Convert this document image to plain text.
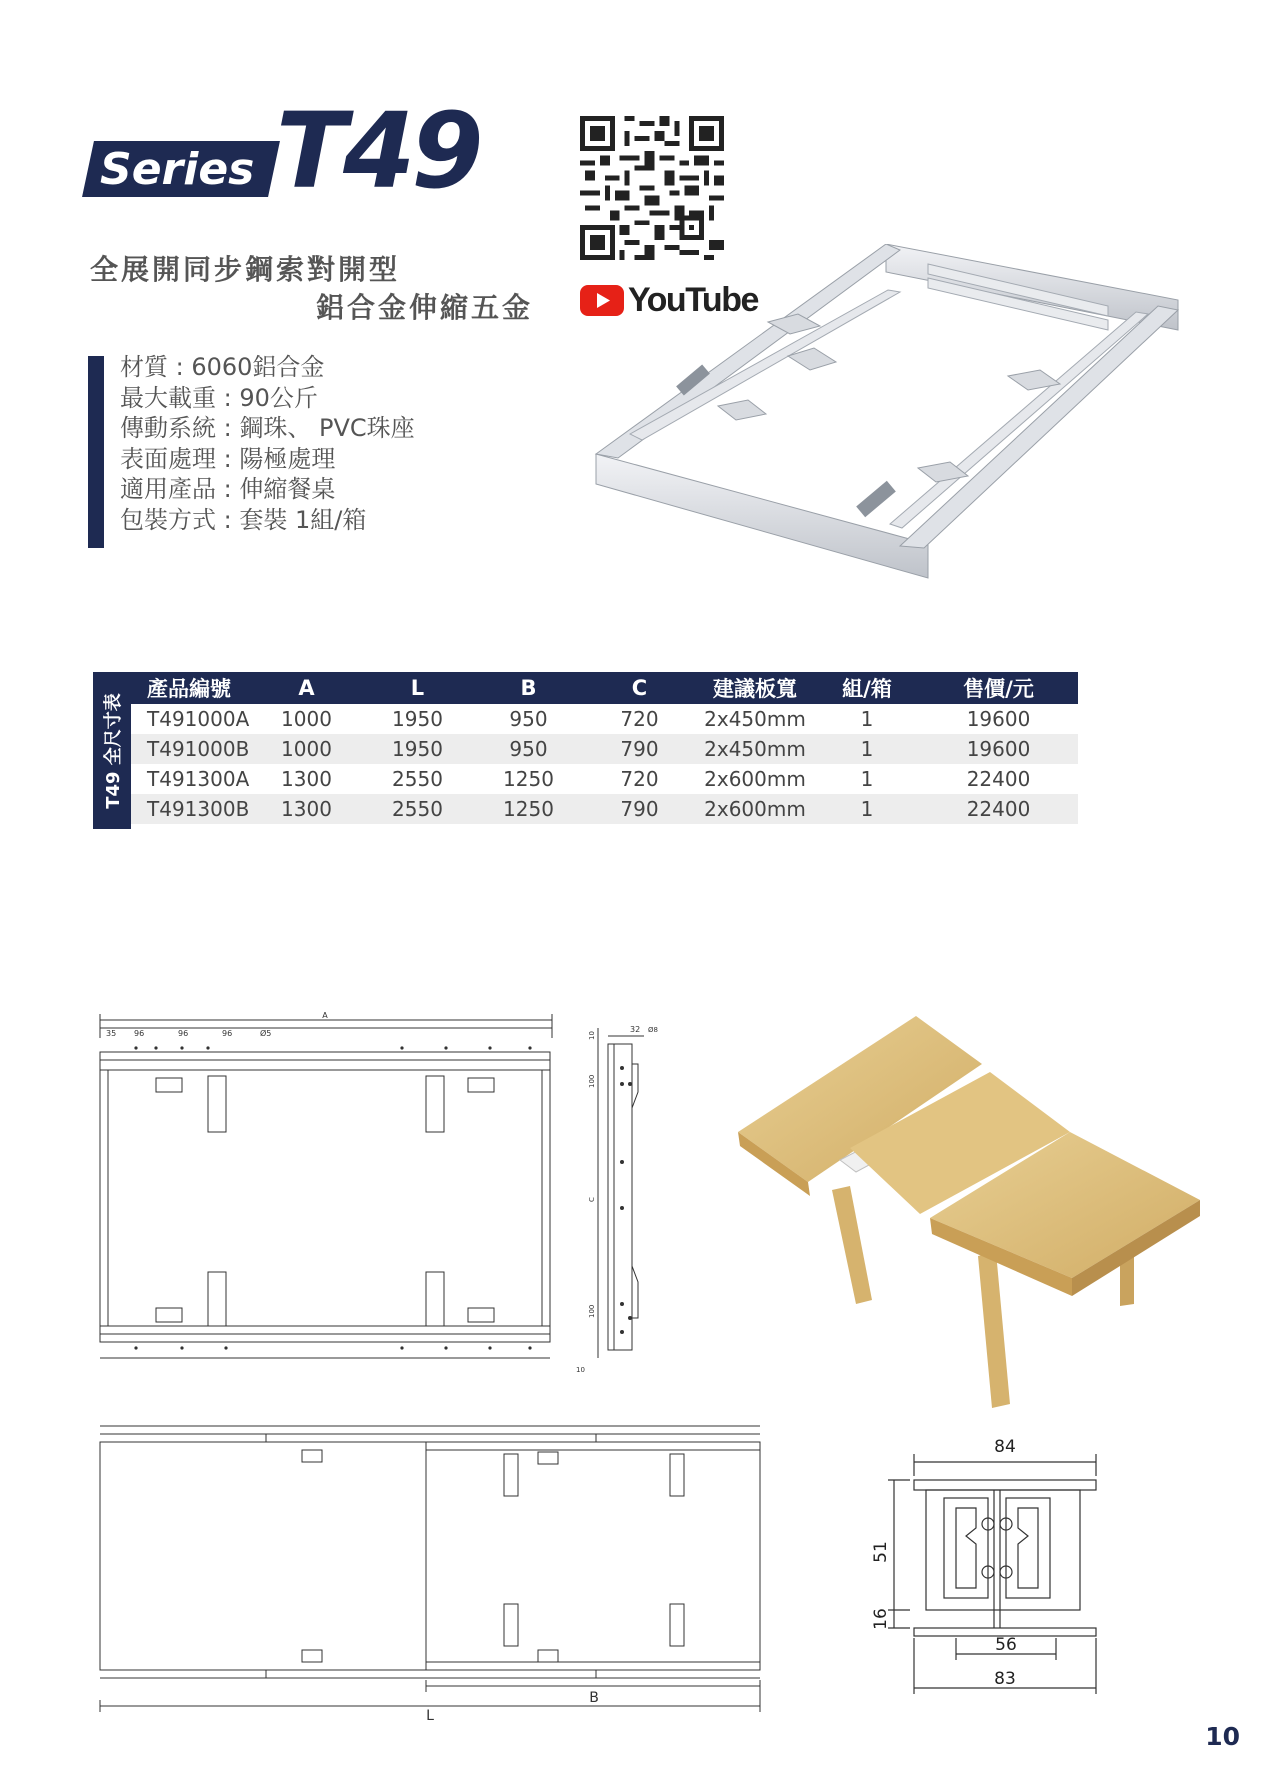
Series T49
全展開同步鋼索對開型
鋁合金伸縮五金	YouTube
材質 : 6060鋁合金
最大載重 : 90公斤
傳動系統 : 鋼珠、 PVC珠座
表面處理 : 陽極處理
適用產品 : 伸縮餐桌
包裝方式 : 套裝 1組/箱
T49 全尺寸表
產品編號	A	L	B	C	建議板寬	組/箱	售價/元
T491000A	1000	1950	950	720	2x450mm	1	19600
T491000B	1000	1950	950	790	2x450mm	1	19600
T491300A	1300	2550	1250	720	2x600mm	1	22400
T491300B	1300	2550	1250	790	2x600mm	1	22400
A
35 96	96	96	Ø5	32 Ø8
10
100
C
100
10
B
L
84
51
16
56
83
10
